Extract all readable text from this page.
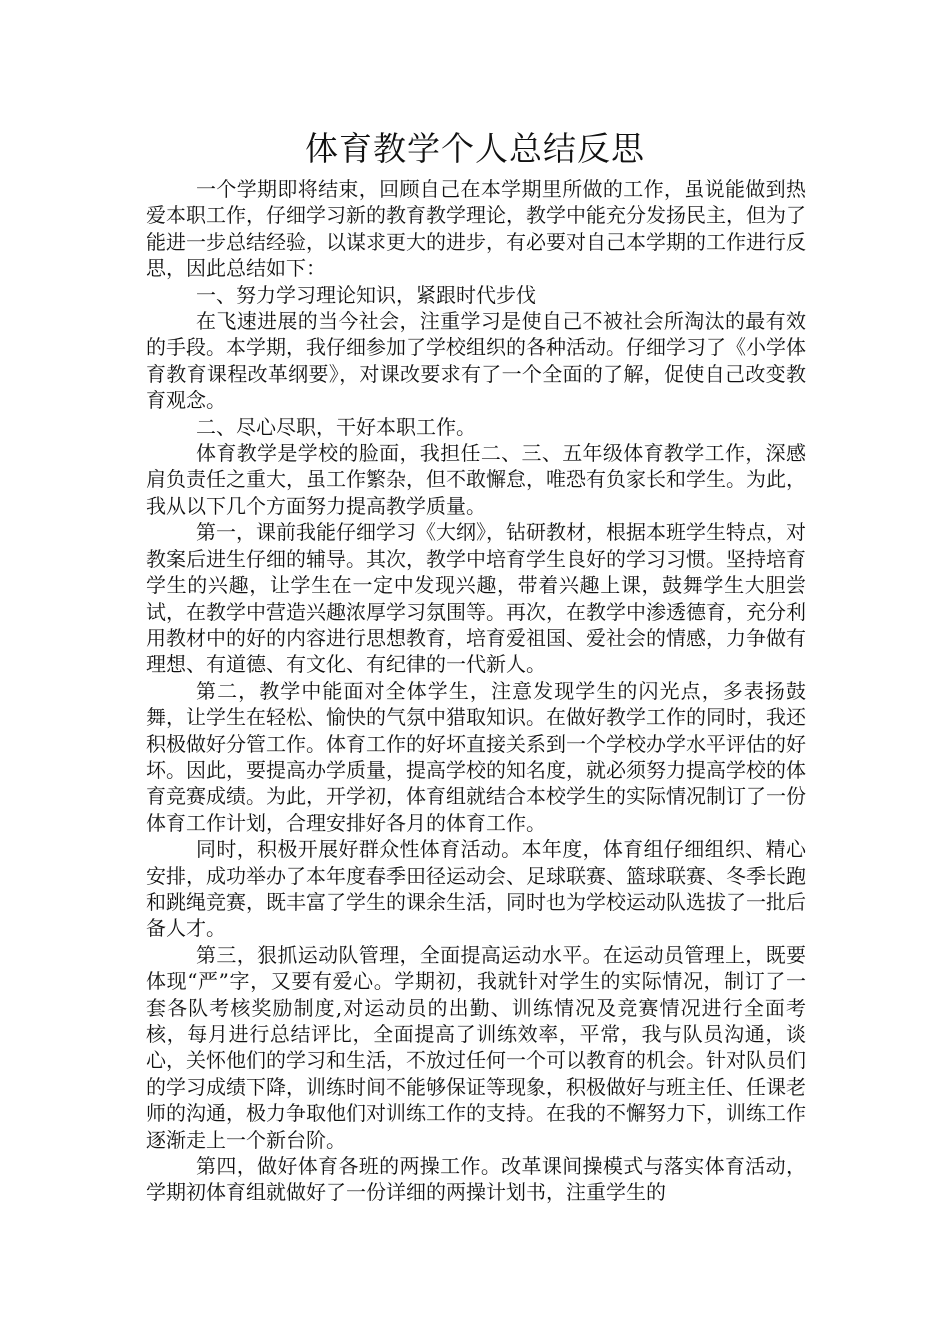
体育教学个人总结反思

一个学期即将结束，回顾自己在本学期里所做的工作，虽说能做到热爱本职工作，仔细学习新的教育教学理论，教学中能充分发扬民主，但为了能进一步总结经验，以谋求更大的进步，有必要对自己本学期的工作进行反思，因此总结如下：

一、努力学习理论知识，紧跟时代步伐

在飞速进展的当今社会，注重学习是使自己不被社会所淘汰的最有效的手段。本学期，我仔细参加了学校组织的各种活动。仔细学习了《小学体育教育课程改革纲要》，对课改要求有了一个全面的了解，促使自己改变教育观念。

二、尽心尽职，干好本职工作。

体育教学是学校的脸面，我担任二、三、五年级体育教学工作，深感肩负责任之重大，虽工作繁杂，但不敢懈怠，唯恐有负家长和学生。为此，我从以下几个方面努力提高教学质量。

第一，课前我能仔细学习《大纲》，钻研教材，根据本班学生特点，对教案后进生仔细的辅导。其次，教学中培育学生良好的学习习惯。坚持培育学生的兴趣，让学生在一定中发现兴趣，带着兴趣上课，鼓舞学生大胆尝试，在教学中营造兴趣浓厚学习氛围等。再次，在教学中渗透德育，充分利用教材中的好的内容进行思想教育，培育爱祖国、爱社会的情感，力争做有理想、有道德、有文化、有纪律的一代新人。

第二，教学中能面对全体学生，注意发现学生的闪光点，多表扬鼓舞，让学生在轻松、愉快的气氛中猎取知识。在做好教学工作的同时，我还积极做好分管工作。体育工作的好坏直接关系到一个学校办学水平评估的好坏。因此，要提高办学质量，提高学校的知名度，就必须努力提高学校的体育竞赛成绩。为此，开学初，体育组就结合本校学生的实际情况制订了一份体育工作计划，合理安排好各月的体育工作。

同时，积极开展好群众性体育活动。本年度，体育组仔细组织、精心安排，成功举办了本年度春季田径运动会、足球联赛、篮球联赛、冬季长跑和跳绳竞赛，既丰富了学生的课余生活，同时也为学校运动队选拔了一批后备人才。

第三，狠抓运动队管理，全面提高运动水平。在运动员管理上，既要体现“严”字，又要有爱心。学期初，我就针对学生的实际情况，制订了一套各队考核奖励制度,对运动员的出勤、训练情况及竞赛情况进行全面考核，每月进行总结评比，全面提高了训练效率，平常，我与队员沟通，谈心，关怀他们的学习和生活，不放过任何一个可以教育的机会。针对队员们的学习成绩下降，训练时间不能够保证等现象，积极做好与班主任、任课老师的沟通，极力争取他们对训练工作的支持。在我的不懈努力下，训练工作逐渐走上一个新台阶。

第四，做好体育各班的两操工作。改革课间操模式与落实体育活动，学期初体育组就做好了一份详细的两操计划书，注重学生的
